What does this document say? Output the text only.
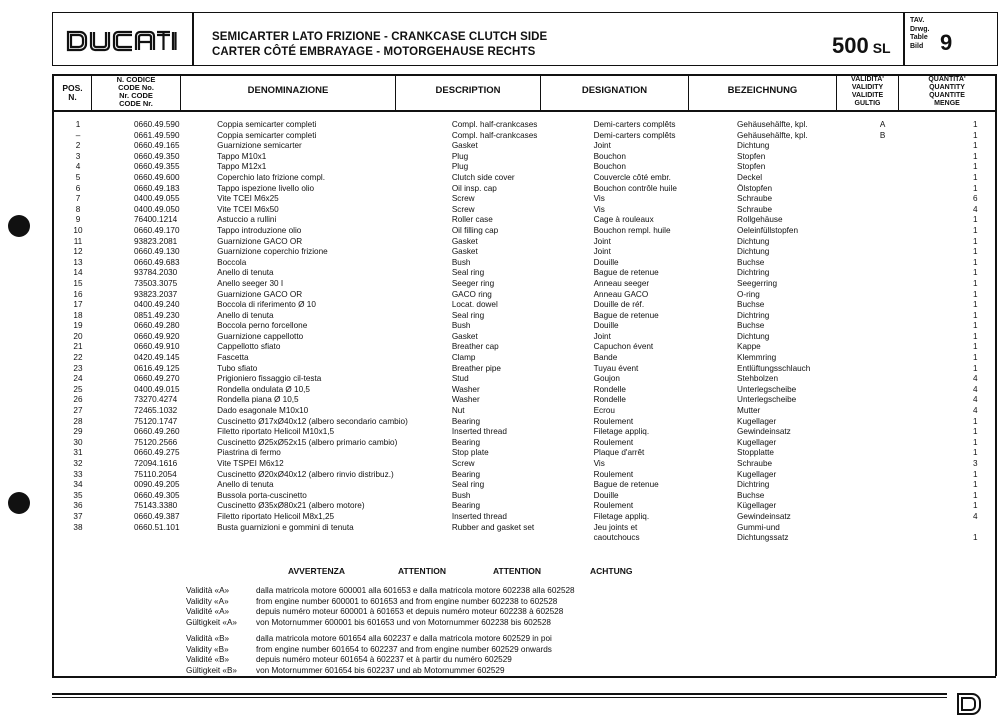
SEMICARTER LATO FRIZIONE - CRANKCASE CLUTCH SIDE
CARTER CÔTÉ EMBRAYAGE - MOTORGEHAUSE RECHTS	500 SL
TAV.
Drwg.
Table
Bild 9
POS.
N.
N. CODICE
CODE No.
Nr. CODE
CODE Nr.
DENOMINAZIONE	DESCRIPTION	DESIGNATION	BEZEICHNUNG
VALIDITA'
VALIDITY
VALIDITE
GULTIG
QUANTITA'
QUANTITY
QUANTITE
MENGE
1	0660.49.590	Coppia semicarter completi	Compl. half-crankcases	Demi-carters complêts	Gehäusehälfte, kpl.	A	1
–	0661.49.590	Coppia semicarter completi	Compl. half-crankcases	Demi-carters complêts	Gehäusehälfte, kpl.	B	1
2	0660.49.165	Guarnizione semicarter	Gasket	Joint	Dichtung		1
3	0660.49.350	Tappo M10x1	Plug	Bouchon	Stopfen		1
4	0660.49.355	Tappo M12x1	Plug	Bouchon	Stopfen		1
5	0660.49.600	Coperchio lato frizione compl.	Clutch side cover	Couvercle côté embr.	Deckel		1
6	0660.49.183	Tappo ispezione livello olio	Oil insp. cap	Bouchon contrôle huile	Ölstopfen		1
7	0400.49.055	Vite TCEI M6x25	Screw	Vis	Schraube		6
8	0400.49.050	Vite TCEI M6x50	Screw	Vis	Schraube		4
9	76400.1214	Astuccio a rullini	Roller case	Cage à rouleaux	Rollgehäuse		1
10	0660.49.170	Tappo introduzione olio	Oil filling cap	Bouchon rempl. huile	Oeleinfüllstopfen		1
11	93823.2081	Guarnizione GACO OR	Gasket	Joint	Dichtung		1
12	0660.49.130	Guarnizione coperchio frizione	Gasket	Joint	Dichtung		1
13	0660.49.683	Boccola	Bush	Douille	Buchse		1
14	93784.2030	Anello di tenuta	Seal ring	Bague de retenue	Dichtring		1
15	73503.3075	Anello seeger 30 I	Seeger ring	Anneau seeger	Seegerring		1
16	93823.2037	Guarnizione GACO OR	GACO ring	Anneau GACO	O-ring		1
17	0400.49.240	Boccola di riferimento Ø 10	Locat. dowel	Douille de réf.	Buchse		1
18	0851.49.230	Anello di tenuta	Seal ring	Bague de retenue	Dichtring		1
19	0660.49.280	Boccola perno forcellone	Bush	Douille	Buchse		1
20	0660.49.920	Guarnizione cappellotto	Gasket	Joint	Dichtung		1
21	0660.49.910	Cappellotto sfiato	Breather cap	Capuchon évent	Kappe		1
22	0420.49.145	Fascetta	Clamp	Bande	Klemmring		1
23	0616.49.125	Tubo sfiato	Breather pipe	Tuyau évent	Entlüftungsschlauch		1
24	0660.49.270	Prigioniero fissaggio cil-testa	Stud	Goujon	Stehbolzen		4
25	0400.49.015	Rondella ondulata Ø 10,5	Washer	Rondelle	Unterlegscheibe		4
26	73270.4274	Rondella piana Ø 10,5	Washer	Rondelle	Unterlegscheibe		4
27	72465.1032	Dado esagonale M10x10	Nut	Ecrou	Mutter		4
28	75120.1747	Cuscinetto Ø17xØ40x12 (albero secondario cambio)	Bearing	Roulement	Kugellager		1
29	0660.49.260	Filetto riportato Helicoil M10x1,5	Inserted thread	Filetage appliq.	Gewindeinsatz		1
30	75120.2566	Cuscinetto Ø25xØ52x15 (albero primario cambio)	Bearing	Roulement	Kugellager		1
31	0660.49.275	Piastrina di fermo	Stop plate	Plaque d'arrêt	Stopplatte		1
32	72094.1616	Vite TSPEI M6x12	Screw	Vis	Schraube		3
33	75110.2054	Cuscinetto Ø20xØ40x12 (albero rinvio distribuz.)	Bearing	Roulement	Kugellager		1
34	0090.49.205	Anello di tenuta	Seal ring	Bague de retenue	Dichtring		1
35	0660.49.305	Bussola porta-cuscinetto	Bush	Douille	Buchse		1
36	75143.3380	Cuscinetto Ø35xØ80x21 (albero motore)	Bearing	Roulement	Kügellager		1
37	0660.49.387	Filetto riportato Helicoil M8x1,25	Inserted thread	Filetage appliq.	Gewindeinsatz		4
38	0660.51.101	Busta guarnizioni e gommini di tenuta	Rubber and gasket set	Jeu joints et	Gummi-und		
				caoutchoucs	Dichtungssatz		1
AVVERTENZA	ATTENTION	ATTENTION	ACHTUNG
Validità «A»	dalla matricola motore 600001 alla 601653 e dalla matricola motore 602238 alla 602528
Validity «A»	from engine number 600001 to 601653 and from engine number 602238 to 602528
Validité «A»	depuis numéro moteur 600001 à 601653 et depuis numéro moteur 602238 à 602528
Gültigkeit «A» von Motornummer 600001 bis 601653 und von Motornummer 602238 bis 602528
Validità «B»	dalla matricola motore 601654 alla 602237 e dalla matricola motore 602529 in poi
Validity «B»	from engine number 601654 to 602237 and from engine number 602529 onwards
Validité «B»	depuis numéro moteur 601654 à 602237 et à partir du numéro 602529
Gültigkeit «B» von Motornummer 601654 bis 602237 und ab Motornummer 602529
